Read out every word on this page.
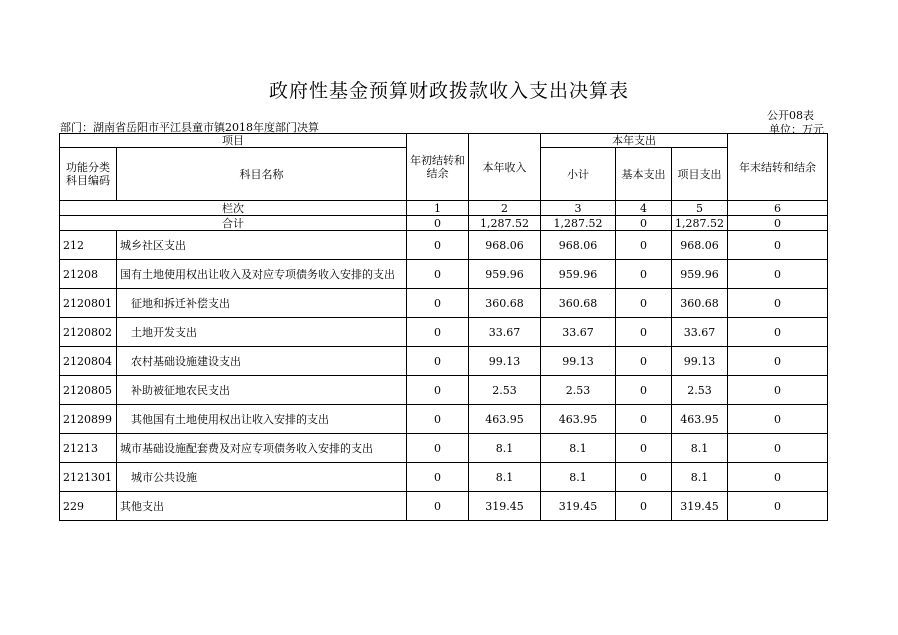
政府性基金预算财政拨款收入支出决算表
公开08表
部门：湖南省岳阳市平江县童市镇2018年度部门决算	单位：万元
项目		年初结转和结余	本年收入	本年支出			年末结转和结余
功能分类科目编码	科目名称			小计	基本支出	项目支出	
栏次		1	2	3	4	5	6
合计		0	1,287.52	1,287.52	0	1,287.52	0
212	城乡社区支出	0	968.06	968.06	0	968.06	0
21208	国有土地使用权出让收入及对应专项债务收入安排的支出	0	959.96	959.96	0	959.96	0
2120801	征地和拆迁补偿支出	0	360.68	360.68	0	360.68	0
2120802	土地开发支出	0	33.67	33.67	0	33.67	0
2120804	农村基础设施建设支出	0	99.13	99.13	0	99.13	0
2120805	补助被征地农民支出	0	2.53	2.53	0	2.53	0
2120899	其他国有土地使用权出让收入安排的支出	0	463.95	463.95	0	463.95	0
21213	城市基础设施配套费及对应专项债务收入安排的支出	0	8.1	8.1	0	8.1	0
2121301	城市公共设施	0	8.1	8.1	0	8.1	0
229	其他支出	0	319.45	319.45	0	319.45	0
